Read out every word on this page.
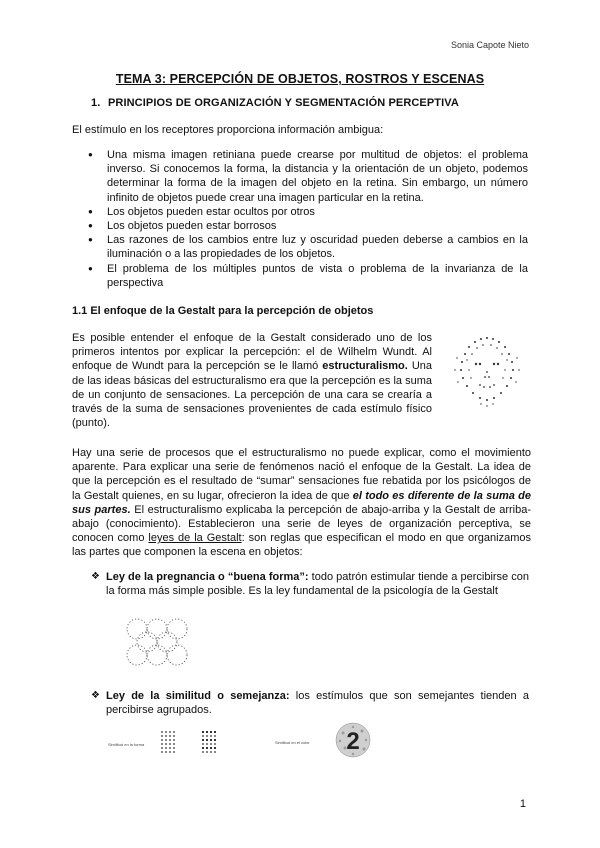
Sonia Capote Nieto
TEMA 3: PERCEPCIÓN DE OBJETOS, ROSTROS Y ESCENAS
1. PRINCIPIOS DE ORGANIZACIÓN Y SEGMENTACIÓN PERCEPTIVA

El estímulo en los receptores proporciona información ambigua:

● Una misma imagen retiniana puede crearse por multitud de objetos: el problema inverso. Si conocemos la forma, la distancia y la orientación de un objeto, podemos determinar la forma de la imagen del objeto en la retina. Sin embargo, un número infinito de objetos puede crear una imagen particular en la retina.
● Los objetos pueden estar ocultos por otros
● Los objetos pueden estar borrosos
● Las razones de los cambios entre luz y oscuridad pueden deberse a cambios en la iluminación o a las propiedades de los objetos.
● El problema de los múltiples puntos de vista o problema de la invarianza de la perspectiva
1.1 El enfoque de la Gestalt para la percepción de objetos

Es posible entender el enfoque de la Gestalt considerado uno de los primeros intentos por explicar la percepción: el de Wilhelm Wundt. Al enfoque de Wundt para la percepción se le llamó estructuralismo. Una de las ideas básicas del estructuralismo era que la percepción es la suma de un conjunto de sensaciones. La percepción de una cara se crearía a través de la suma de sensaciones provenientes de cada estímulo físico (punto).

Hay una serie de procesos que el estructuralismo no puede explicar, como el movimiento aparente. Para explicar una serie de fenómenos nació el enfoque de la Gestalt. La idea de que la percepción es el resultado de “sumar” sensaciones fue rebatida por los psicólogos de la Gestalt quienes, en su lugar, ofrecieron la idea de que el todo es diferente de la suma de sus partes. El estructuralismo explicaba la percepción de abajo-arriba y la Gestalt de arriba-abajo (conocimiento). Establecieron una serie de leyes de organización perceptiva, se conocen como leyes de la Gestalt: son reglas que especifican el modo en que organizamos las partes que componen la escena en objetos:

❖ Ley de la pregnancia o “buena forma”: todo patrón estimular tiende a percibirse con la forma más simple posible. Es la ley fundamental de la psicología de la Gestalt

❖ Ley de la similitud o semejanza: los estímulos que son semejantes tienden a percibirse agrupados.

Similitud en la forma	Similitud en el color 2
1
